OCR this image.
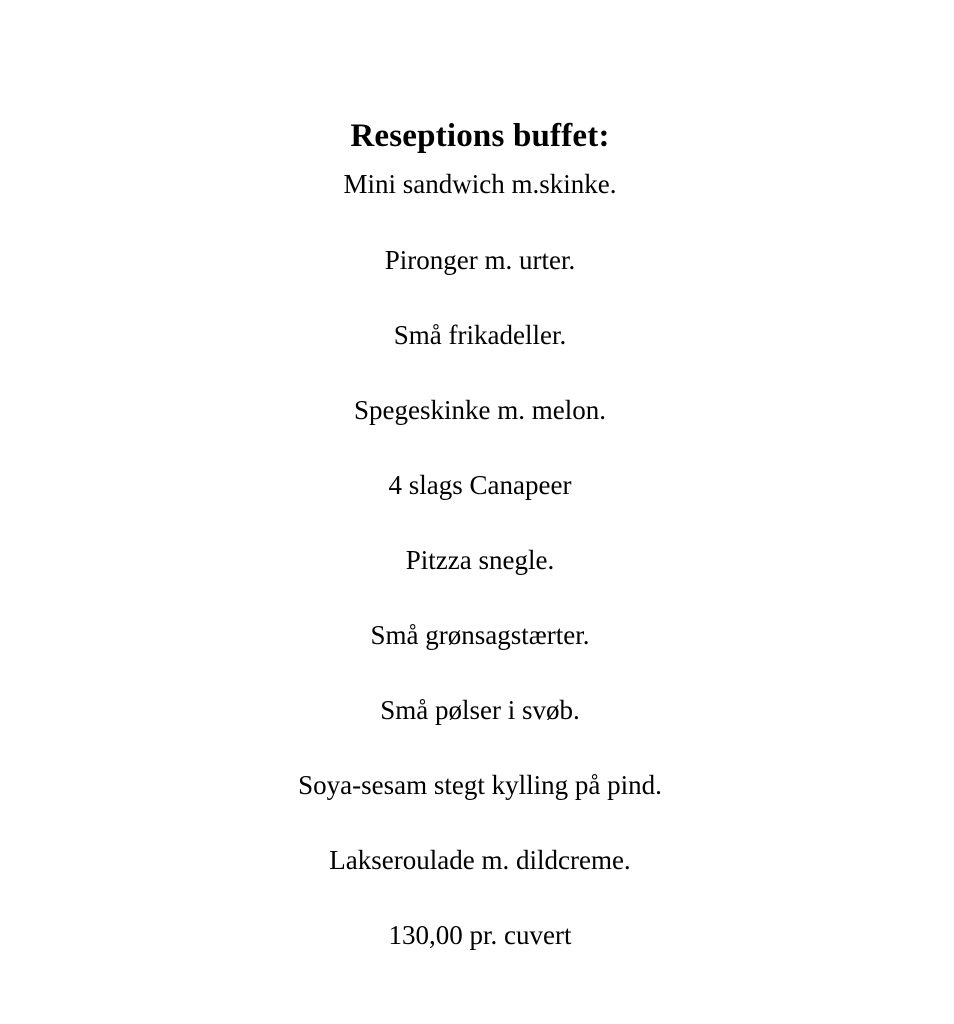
Reseptions buffet:
Mini sandwich m.skinke.
Pironger m. urter.
Små frikadeller.
Spegeskinke m. melon.
4 slags Canapeer
Pitzza snegle.
Små grønsagstærter.
Små pølser i svøb.
Soya-sesam stegt kylling på pind.
Lakseroulade m. dildcreme.

130,00 pr. cuvert
